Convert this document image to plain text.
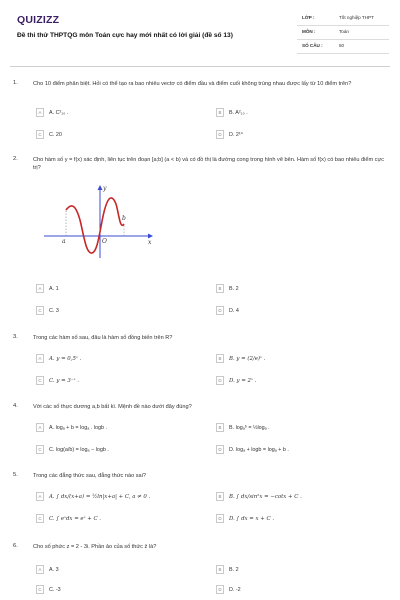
QUIZIZZ
Đề thi thử THPTQG môn Toán cực hay mới nhất có lời giải (đề số 13)
LỚP :	Tốt nghiệp THPT
MÔN :	Toán
SỐ CÂU :	50
1.	Cho 10 điểm phân biệt. Hỏi có thể tạo ra bao nhiêu vectơ có điểm đầu và điểm cuối không trùng nhau được lấy từ 10 điểm trên?
A	A. C²₁₀ .	B	B. A²₁₀ .
C	C. 20	D	D. 2¹⁰
2.	Cho hàm số y = f(x) xác định, liên tục trên đoạn [a;b] (a < b) và có đồ thị là đường cong trong hình vẽ bên. Hàm số f(x) có bao nhiêu điểm cực trị?
A	A. 1	B	B. 2
C	C. 3	D	D. 4
x
y
a
b
O
3.	Trong các hàm số sau, đâu là hàm số đồng biến trên R?
A	A. y = 0,5ˣ .	B	B. y = (2/e)ˣ .
C	C. y = 3⁻ˣ .	D	D. y = 2ˣ .
4.	Với các số thực dương a,b bất kì. Mệnh đề nào dưới đây đúng?
A	A. logₐ + b = logₐ . logb .	B	B. logₐᵇ = ½logₐ .
C	C. log(a/b) = logₐ − logb .	D	D. logₐ + logb = logₐ + b .
5.	Trong các đẳng thức sau, đẳng thức nào sai?
A	A. ∫ dx/(x+a) = ½ln|x+a| + C, a ≠ 0 .	B	B. ∫ dx/sin²x = −cotx + C .
C	C. ∫ eˣdx = eˣ + C .	D	D. ∫ dx = x + C .
6.	Cho số phức z = 2 - 3i. Phần ảo của số thức z̄ là?
A	A. 3	B	B. 2
C	C. -3	D	D. -2
